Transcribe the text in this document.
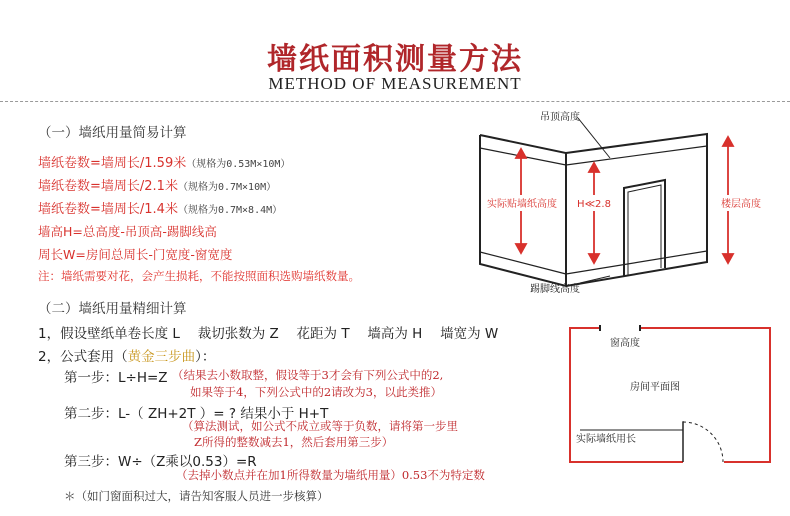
墙纸面积测量方法
METHOD OF MEASUREMENT
（一）墙纸用量简易计算
墙纸卷数=墙周长/1.59米（规格为0.53M×10M）
墙纸卷数=墙周长/2.1米（规格为0.7M×10M）
墙纸卷数=墙周长/1.4米（规格为0.7M×8.4M）
墙高H=总高度-吊顶高-踢脚线高
周长W=房间总周长-门宽度-窗宽度
注：墙纸需要对花，会产生损耗，不能按照面积选购墙纸数量。
实际贴墙纸高度 H≪2.8	楼层高度
吊顶高度
踢脚线高度
（二）墙纸用量精细计算
1，假设壁纸单卷长度 L　 裁切张数为 Z　 花距为 T　 墙高为 H　 墙宽为 W
2，公式套用（黄金三步曲）：
第一步：L÷H=Z （结果去小数取整，假设等于3才会有下列公式中的2,
如果等于4，下列公式中的2请改为3，以此类推）
第二步：L-（ ZH+2T ）= ? 结果小于 H+T
（算法测试，如公式不成立或等于负数，请将第一步里
Z所得的整数减去1，然后套用第三步）
第三步：W÷（Z乘以0.53）=R
（去掉小数点并在加1所得数量为墙纸用量）0.53不为特定数
＊（如门窗面积过大，请告知客服人员进一步核算）
窗高度
房间平面图
实际墙纸用长
